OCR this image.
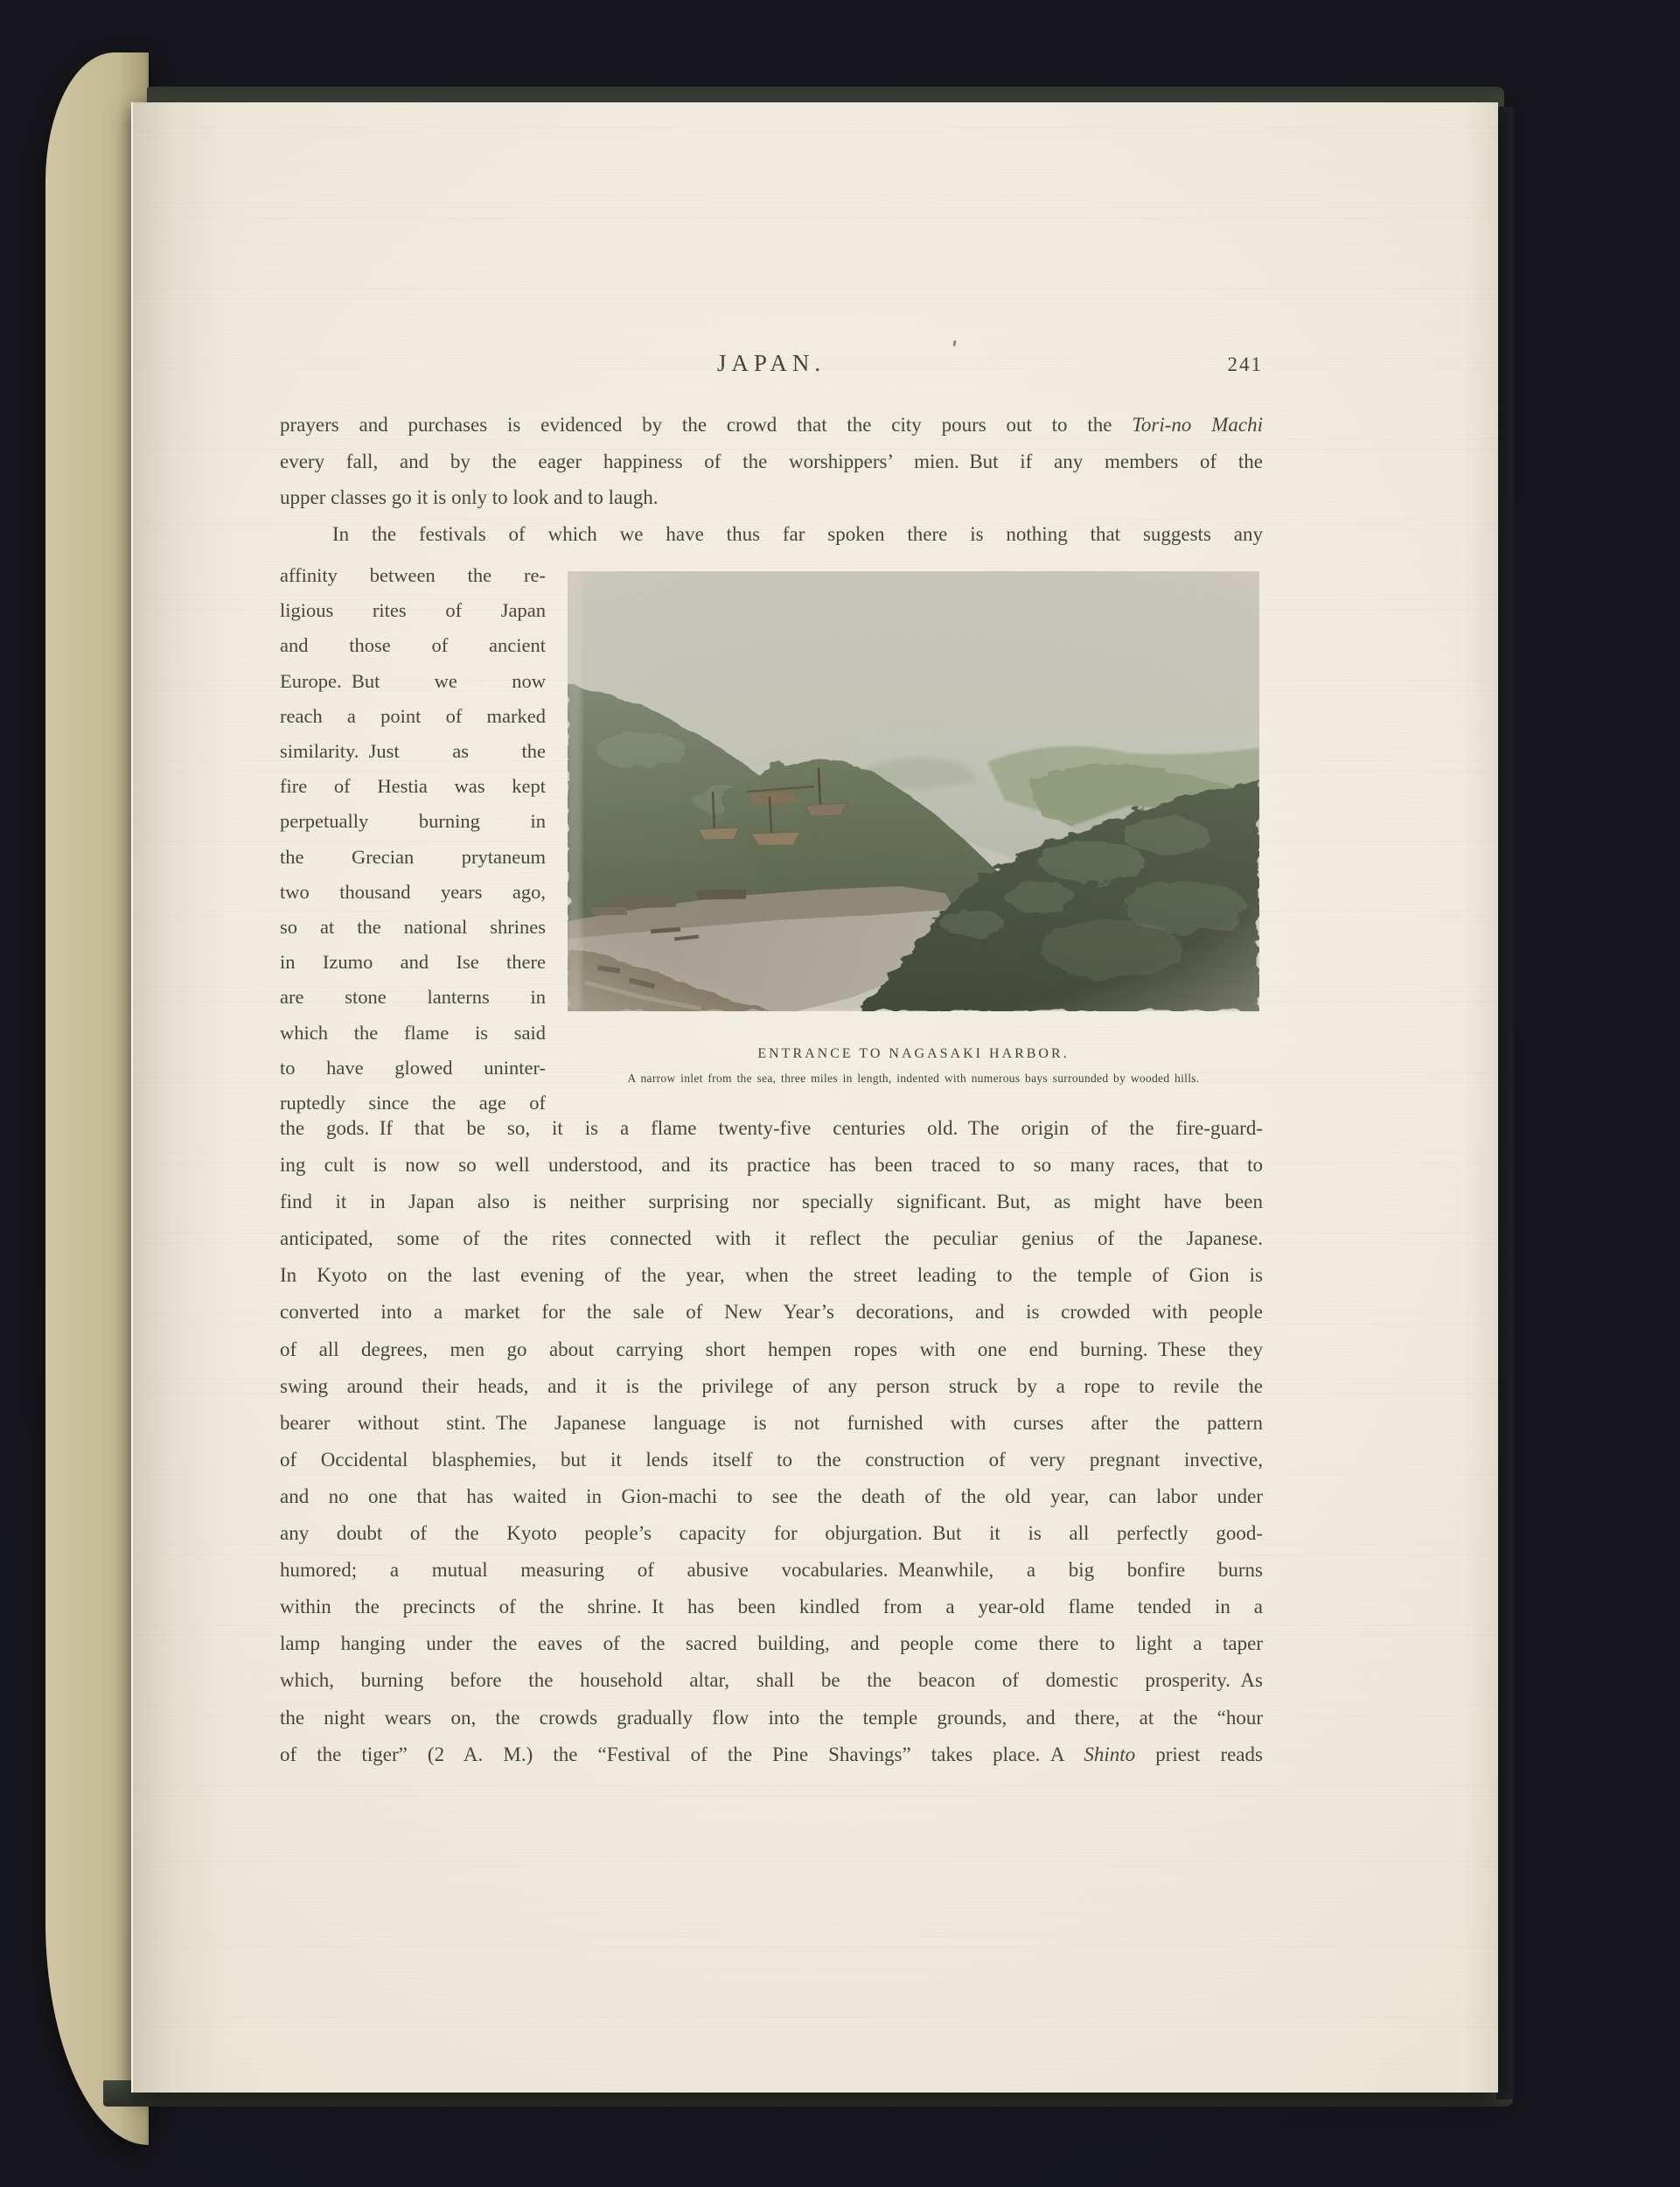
JAPAN.	241
prayers and purchases is evidenced by the crowd that the city pours out to the Tori-no Machi
every fall, and by the eager happiness of the worshippers’ mien. But if any members of the
upper classes go it is only to look and to laugh.
In the festivals of which we have thus far spoken there is nothing that suggests any
affinity between the re-
ligious rites of Japan
and those of ancient
Europe. But we now
reach a point of marked
similarity. Just as the
fire of Hestia was kept
perpetually burning in
the Grecian prytaneum
two thousand years ago,
so at the national shrines
in Izumo and Ise there
are stone lanterns in
which the flame is said
to have glowed uninter-
ruptedly since the age of
ENTRANCE TO NAGASAKI HARBOR.
A narrow inlet from the sea, three miles in length, indented with numerous bays surrounded by wooded hills.
the gods. If that be so, it is a flame twenty-five centuries old. The origin of the fire-guard-
ing cult is now so well understood, and its practice has been traced to so many races, that to
find it in Japan also is neither surprising nor specially significant. But, as might have been
anticipated, some of the rites connected with it reflect the peculiar genius of the Japanese.
In Kyoto on the last evening of the year, when the street leading to the temple of Gion is
converted into a market for the sale of New Year’s decorations, and is crowded with people
of all degrees, men go about carrying short hempen ropes with one end burning. These they
swing around their heads, and it is the privilege of any person struck by a rope to revile the
bearer without stint. The Japanese language is not furnished with curses after the pattern
of Occidental blasphemies, but it lends itself to the construction of very pregnant invective,
and no one that has waited in Gion-machi to see the death of the old year, can labor under
any doubt of the Kyoto people’s capacity for objurgation. But it is all perfectly good-
humored; a mutual measuring of abusive vocabularies. Meanwhile, a big bonfire burns
within the precincts of the shrine. It has been kindled from a year-old flame tended in a
lamp hanging under the eaves of the sacred building, and people come there to light a taper
which, burning before the household altar, shall be the beacon of domestic prosperity. As
the night wears on, the crowds gradually flow into the temple grounds, and there, at the “hour
of the tiger” (2 A. M.) the “Festival of the Pine Shavings” takes place. A Shinto priest reads
